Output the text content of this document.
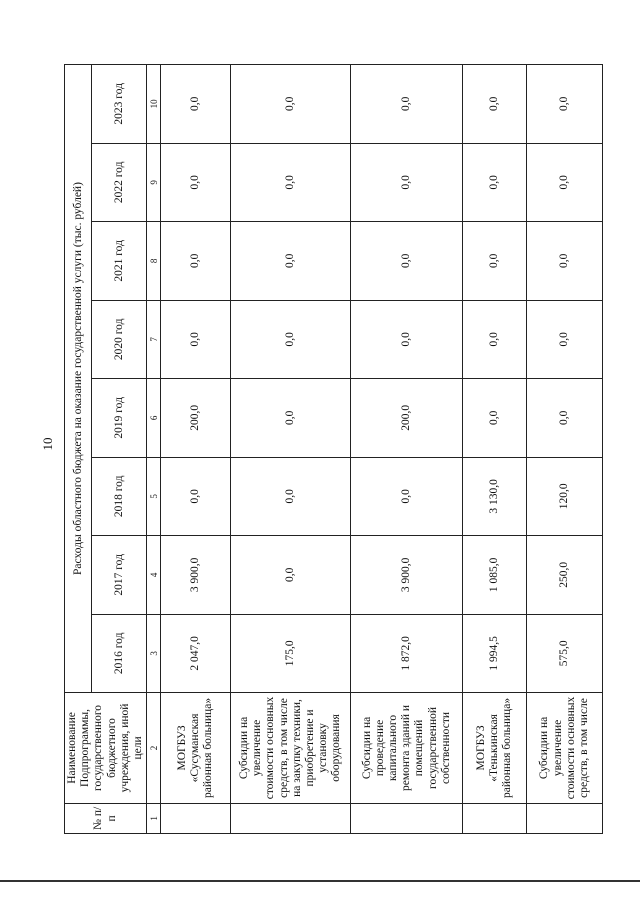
10
№ п/п	Наименование Подпрограммы, государственного бюджетного учреждения, иной цели	Расходы областного бюджета на оказание государственной услуги (тыс. рублей)							
		2016 год	2017 год	2018 год	2019 год	2020 год	2021 год	2022 год	2023 год
1	2	3	4	5	6	7	8	9	10
	МОГБУЗ «Сусуманская районная больница»	2 047,0	3 900,0	0,0	200,0	0,0	0,0	0,0	0,0
	Субсидии на увеличение стоимости основных средств, в том числе на закупку техники, приобретение и установку оборудования	175,0	0,0	0,0	0,0	0,0	0,0	0,0	0,0
	Субсидии на проведение капитального ремонта зданий и помещений государственной собственности	1 872,0	3 900,0	0,0	200,0	0,0	0,0	0,0	0,0
	МОГБУЗ «Тенькинская районная больница»	1 994,5	1 085,0	3 130,0	0,0	0,0	0,0	0,0	0,0
	Субсидии на увеличение стоимости основных средств, в том числе	575,0	250,0	120,0	0,0	0,0	0,0	0,0	0,0
